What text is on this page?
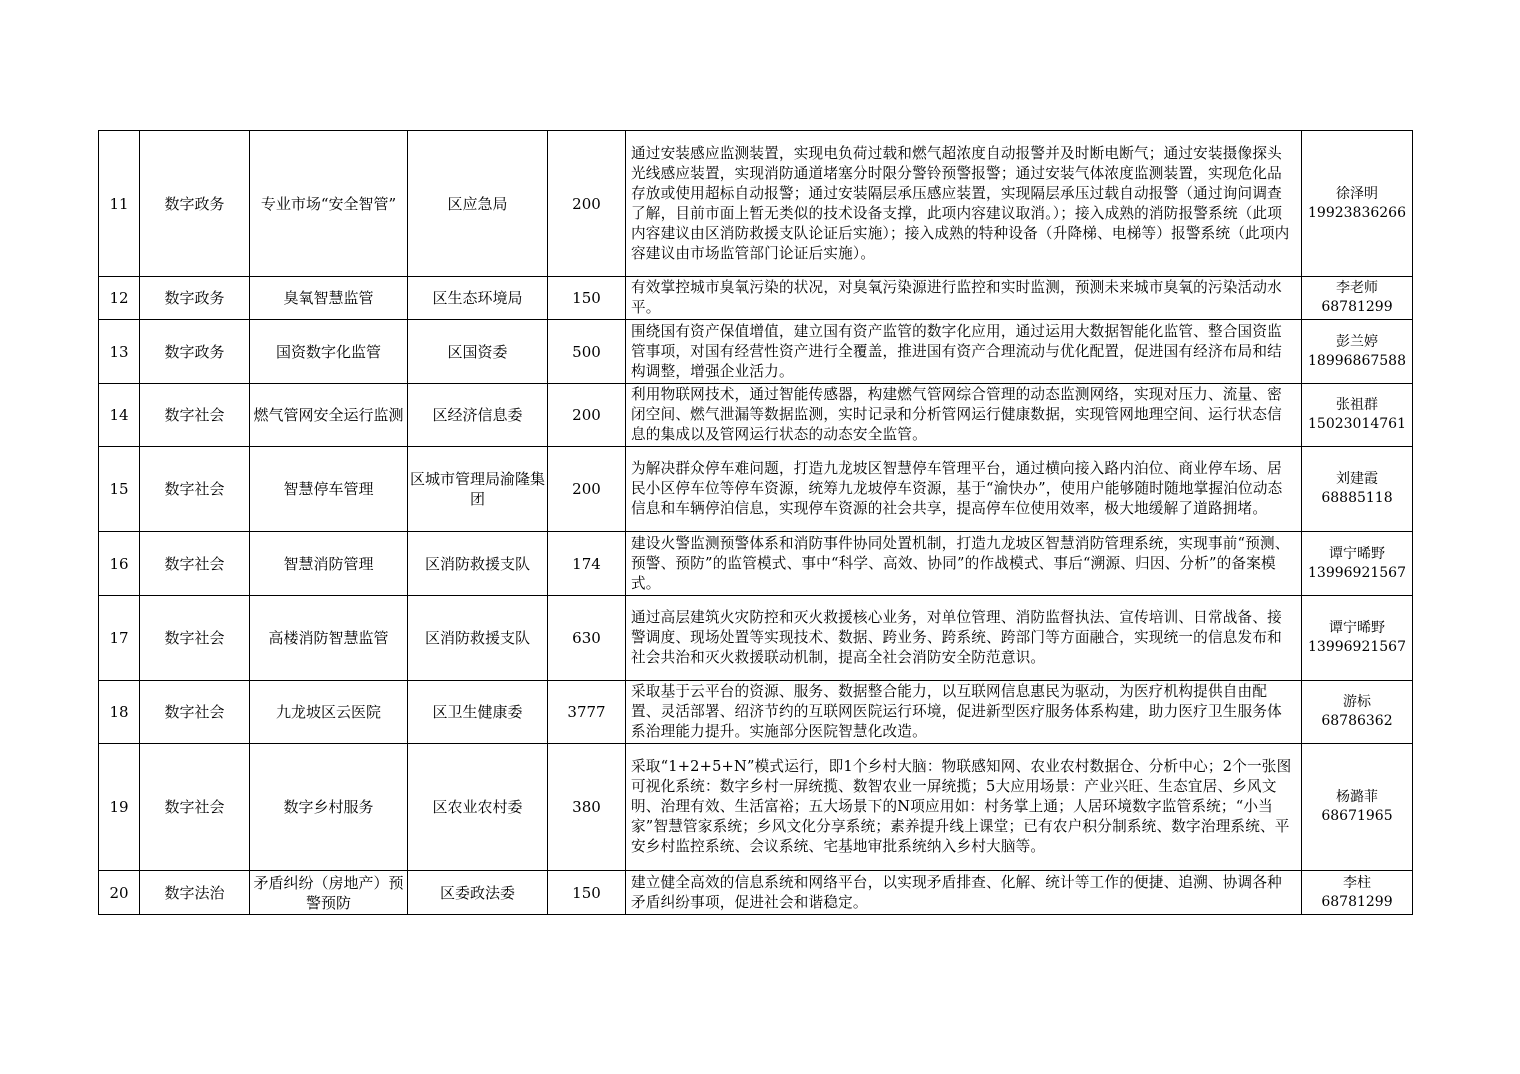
11	数字政务	专业市场“安全智管”	区应急局	200	通过安装感应监测装置，实现电负荷过载和燃气超浓度自动报警并及时断电断气；通过安装摄像探头光线感应装置，实现消防通道堵塞分时限分警铃预警报警；通过安装气体浓度监测装置，实现危化品存放或使用超标自动报警；通过安装隔层承压感应装置，实现隔层承压过载自动报警（通过询问调查了解，目前市面上暂无类似的技术设备支撑，此项内容建议取消。）；接入成熟的消防报警系统（此项内容建议由区消防救援支队论证后实施）；接入成熟的特种设备（升降梯、电梯等）报警系统（此项内容建议由市场监管部门论证后实施）。	徐泽明
19923836266

12	数字政务	臭氧智慧监管	区生态环境局	150	有效掌控城市臭氧污染的状况，对臭氧污染源进行监控和实时监测，预测未来城市臭氧的污染活动水平。	李老师
68781299

13	数字政务	国资数字化监管	区国资委	500	围绕国有资产保值增值，建立国有资产监管的数字化应用，通过运用大数据智能化监管、整合国资监管事项，对国有经营性资产进行全覆盖，推进国有资产合理流动与优化配置，促进国有经济布局和结构调整，增强企业活力。	彭兰婷
18996867588

14	数字社会	燃气管网安全运行监测	区经济信息委	200	利用物联网技术，通过智能传感器，构建燃气管网综合管理的动态监测网络，实现对压力、流量、密闭空间、燃气泄漏等数据监测，实时记录和分析管网运行健康数据，实现管网地理空间、运行状态信息的集成以及管网运行状态的动态安全监管。	张祖群
15023014761

15	数字社会	智慧停车管理	区城市管理局渝隆集团	200	为解决群众停车难问题，打造九龙坡区智慧停车管理平台，通过横向接入路内泊位、商业停车场、居民小区停车位等停车资源，统筹九龙坡停车资源，基于“渝快办”，使用户能够随时随地掌握泊位动态信息和车辆停泊信息，实现停车资源的社会共享，提高停车位使用效率，极大地缓解了道路拥堵。	刘建霞
68885118

16	数字社会	智慧消防管理	区消防救援支队	174	建设火警监测预警体系和消防事件协同处置机制，打造九龙坡区智慧消防管理系统，实现事前“预测、预警、预防”的监管模式、事中“科学、高效、协同”的作战模式、事后“溯源、归因、分析”的备案模式。	谭宁晞野
13996921567

17	数字社会	高楼消防智慧监管	区消防救援支队	630	通过高层建筑火灾防控和灭火救援核心业务，对单位管理、消防监督执法、宣传培训、日常战备、接警调度、现场处置等实现技术、数据、跨业务、跨系统、跨部门等方面融合，实现统一的信息发布和社会共治和灭火救援联动机制，提高全社会消防安全防范意识。	谭宁晞野
13996921567

18	数字社会	九龙坡区云医院	区卫生健康委	3777	采取基于云平台的资源、服务、数据整合能力，以互联网信息惠民为驱动，为医疗机构提供自由配置、灵活部署、绍济节约的互联网医院运行环境，促进新型医疗服务体系构建，助力医疗卫生服务体系治理能力提升。实施部分医院智慧化改造。	游标
68786362

19	数字社会	数字乡村服务	区农业农村委	380	采取“1+2+5+N”模式运行，即1个乡村大脑：物联感知网、农业农村数据仓、分析中心；2个一张图可视化系统：数字乡村一屏统揽、数智农业一屏统揽；5大应用场景：产业兴旺、生态宜居、乡风文明、治理有效、生活富裕；五大场景下的N项应用如：村务掌上通；人居环境数字监管系统；“小当家”智慧管家系统；乡风文化分享系统；素养提升线上课堂；已有农户积分制系统、数字治理系统、平安乡村监控系统、会议系统、宅基地审批系统纳入乡村大脑等。	杨潞菲
68671965

20	数字法治	矛盾纠纷（房地产）预警预防	区委政法委	150	建立健全高效的信息系统和网络平台，以实现矛盾排查、化解、统计等工作的便捷、追溯、协调各种矛盾纠纷事项，促进社会和谐稳定。	李柱
68781299
